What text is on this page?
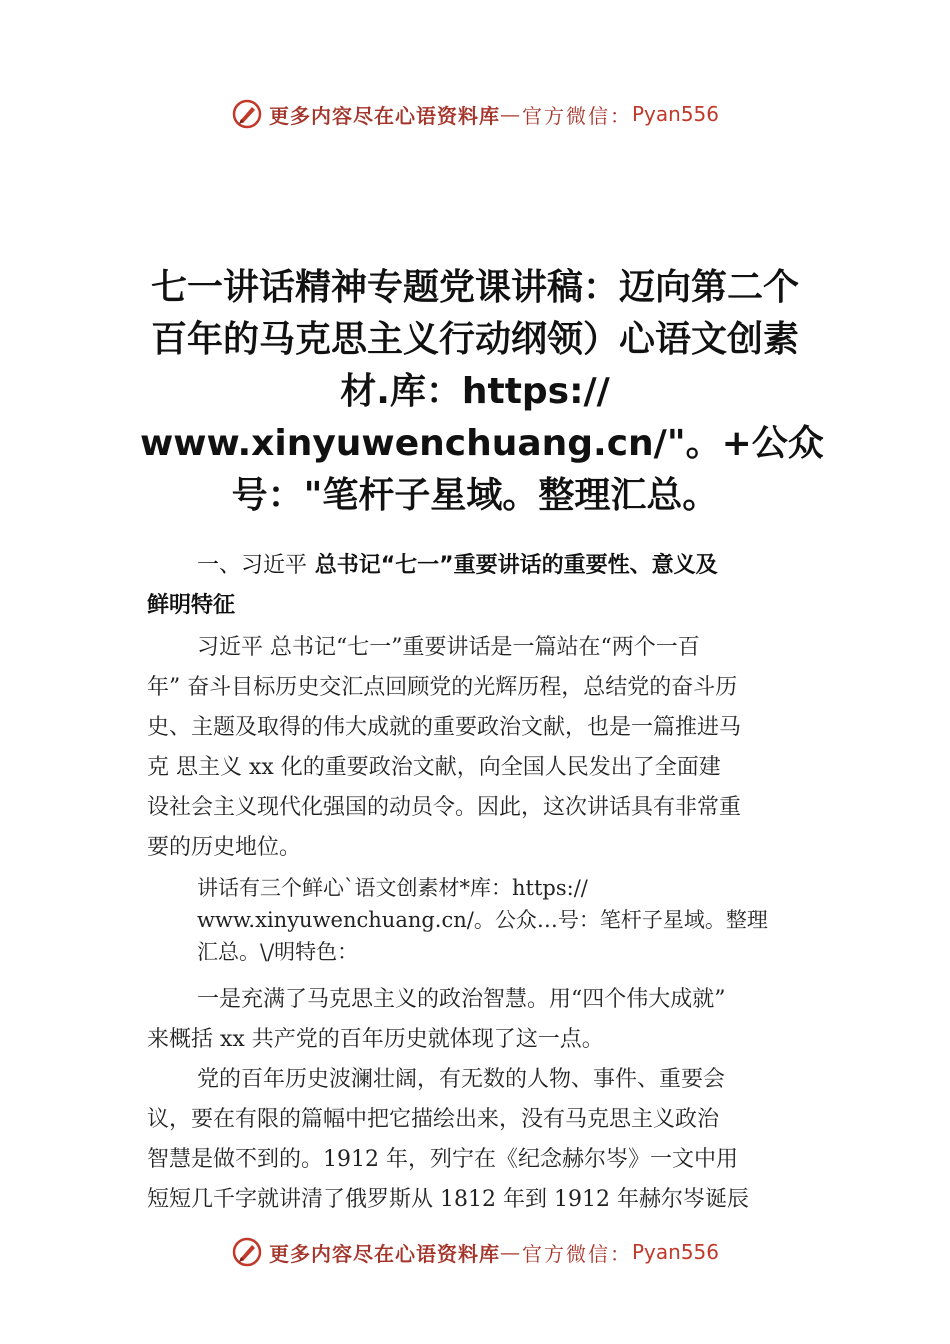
更多内容尽在心语资料库 — 官方微信： Pyan556
七一讲话精神专题党课讲稿：迈向第二个
百年的马克思主义行动纲领）心语文创素
材.库：https://
www.xinyuwenchuang.cn/"。+公众
号："笔杆子星域。整理汇总。
一、习近平 总书记“七一”重要讲话的重要性、意义及
鲜明特征
习近平 总书记“七一”重要讲话是一篇站在“两个一百
年” 奋斗目标历史交汇点回顾党的光辉历程，总结党的奋斗历
史、主题及取得的伟大成就的重要政治文献，也是一篇推进马
克 思主义 xx 化的重要政治文献，向全国人民发出了全面建
设社会主义现代化强国的动员令。因此，这次讲话具有非常重
要的历史地位。
讲话有三个鲜心`语文创素材*库：https://
www.xinyuwenchuang.cn/。公众…号：笔杆子星域。整理
汇总。\/明特色：
一是充满了马克思主义的政治智慧。用“四个伟大成就”
来概括 xx 共产党的百年历史就体现了这一点。
党的百年历史波澜壮阔，有无数的人物、事件、重要会
议，要在有限的篇幅中把它描绘出来，没有马克思主义政治
智慧是做不到的。1912 年，列宁在《纪念赫尔岑》一文中用
短短几千字就讲清了俄罗斯从 1812 年到 1912 年赫尔岑诞辰
更多内容尽在心语资料库 — 官方微信： Pyan556
